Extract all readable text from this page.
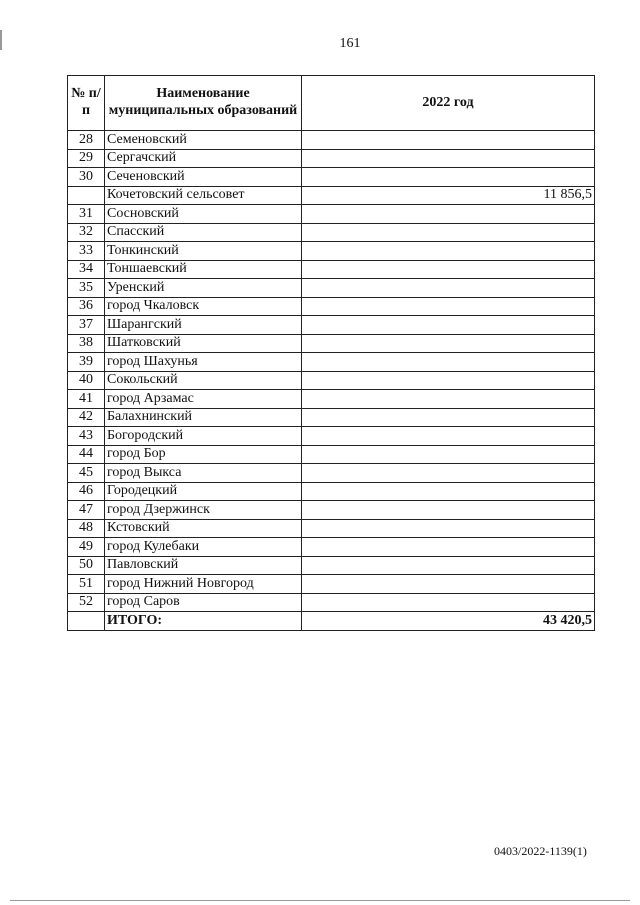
161
№ п/п	Наименование муниципальных образований	2022 год
28	Семеновский	
29	Сергачский	
30	Сеченовский	
	Кочетовский сельсовет	11 856,5
31	Сосновский	
32	Спасский	
33	Тонкинский	
34	Тоншаевский	
35	Уренский	
36	город Чкаловск	
37	Шарангский	
38	Шатковский	
39	город Шахунья	
40	Сокольский	
41	город Арзамас	
42	Балахнинский	
43	Богородский	
44	город Бор	
45	город Выкса	
46	Городецкий	
47	город Дзержинск	
48	Кстовский	
49	город Кулебаки	
50	Павловский	
51	город Нижний Новгород	
52	город Саров	
	ИТОГО:	43 420,5
0403/2022-1139(1)
